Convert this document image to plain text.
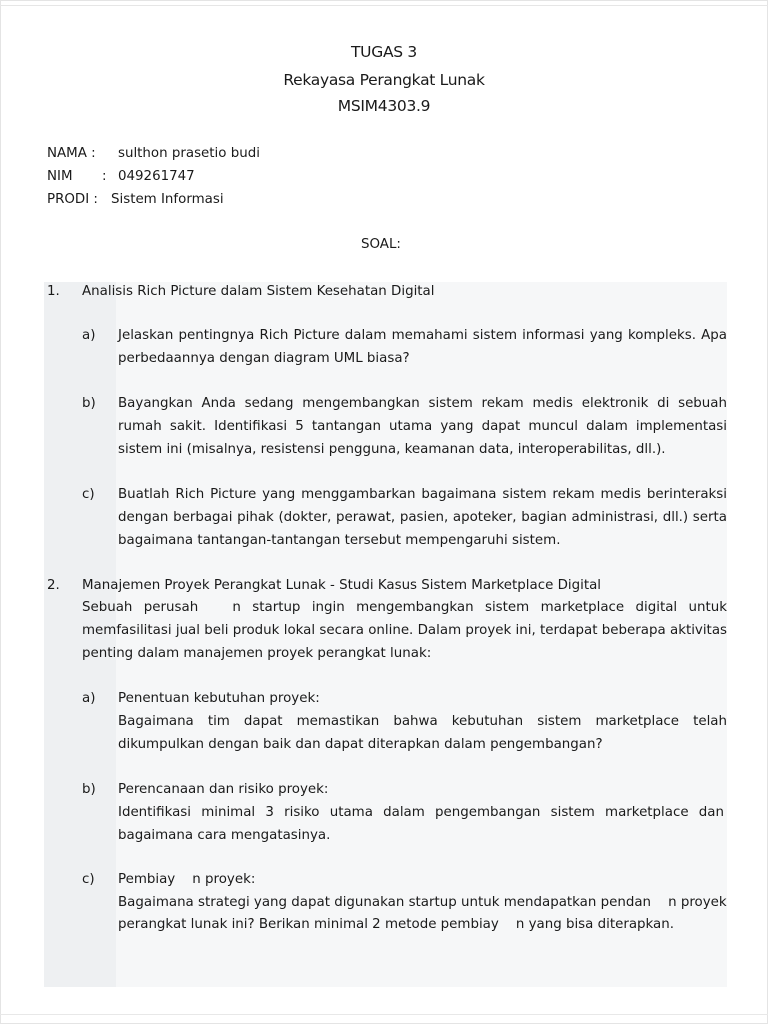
TUGAS 3
Rekayasa Perangkat Lunak
MSIM4303.9
NAMA : sulthon prasetio budi
NIM : 049261747
PRODI : Sistem Informasi
SOAL:
1. Analisis Rich Picture dalam Sistem Kesehatan Digital
a) Jelaskan pentingnya Rich Picture dalam memahami sistem informasi yang kompleks. Apa
perbedaannya dengan diagram UML biasa?
b) Bayangkan Anda sedang mengembangkan sistem rekam medis elektronik di sebuah
rumah sakit. Identifikasi 5 tantangan utama yang dapat muncul dalam implementasi
sistem ini (misalnya, resistensi pengguna, keamanan data, interoperabilitas, dll.).
c) Buatlah Rich Picture yang menggambarkan bagaimana sistem rekam medis berinteraksi
dengan berbagai pihak (dokter, perawat, pasien, apoteker, bagian administrasi, dll.) serta
bagaimana tantangan-tantangan tersebut mempengaruhi sistem.
2. Manajemen Proyek Perangkat Lunak - Studi Kasus Sistem Marketplace Digital
Sebuah perusah   n startup ingin mengembangkan sistem marketplace digital untuk
memfasilitasi jual beli produk lokal secara online. Dalam proyek ini, terdapat beberapa aktivitas
penting dalam manajemen proyek perangkat lunak:
a) Penentuan kebutuhan proyek:
Bagaimana tim dapat memastikan bahwa kebutuhan sistem marketplace telah
dikumpulkan dengan baik dan dapat diterapkan dalam pengembangan?
b) Perencanaan dan risiko proyek:
Identifikasi minimal 3 risiko utama dalam pengembangan sistem marketplace dan
bagaimana cara mengatasinya.
c) Pembiay    n proyek:
Bagaimana strategi yang dapat digunakan startup untuk mendapatkan pendan    n proyek
perangkat lunak ini? Berikan minimal 2 metode pembiay    n yang bisa diterapkan.
